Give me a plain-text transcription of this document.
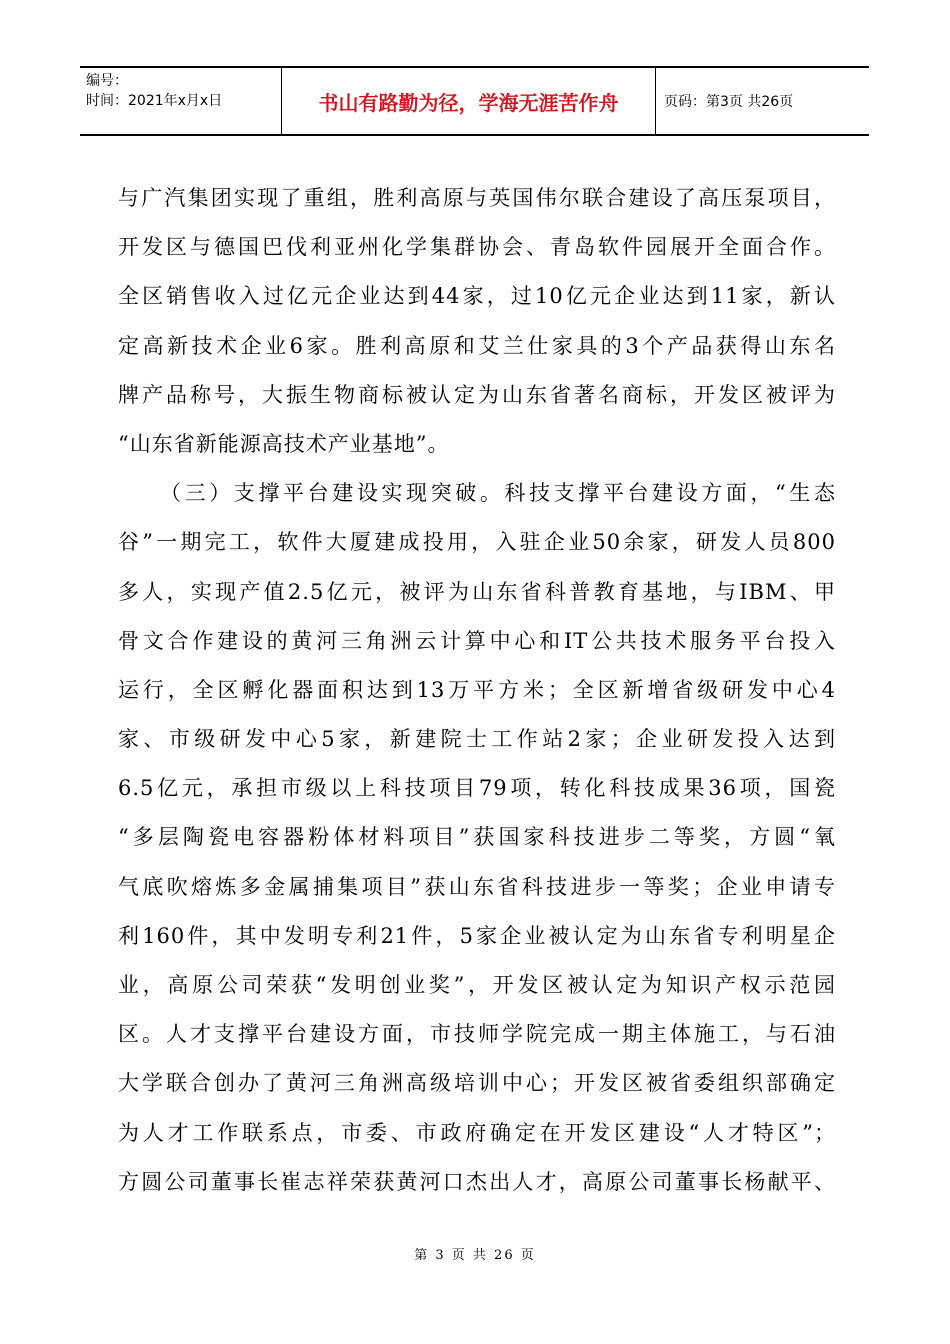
编号：
时间：2021年x月x日	书山有路勤为径，学海无涯苦作舟	页码：第3页 共26页
与广汽集团实现了重组，胜利高原与英国伟尔联合建设了高压泵项目，
开发区与德国巴伐利亚州化学集群协会、青岛软件园展开全面合作。
全区销售收入过亿元企业达到44家，过10亿元企业达到11家，新认
定高新技术企业6家。胜利高原和艾兰仕家具的3个产品获得山东名
牌产品称号，大振生物商标被认定为山东省著名商标，开发区被评为
“山东省新能源高技术产业基地”。
（三）支撑平台建设实现突破。科技支撑平台建设方面，“生态
谷”一期完工，软件大厦建成投用，入驻企业50余家，研发人员800
多人，实现产值2.5亿元，被评为山东省科普教育基地，与IBM、甲
骨文合作建设的黄河三角洲云计算中心和IT公共技术服务平台投入
运行，全区孵化器面积达到13万平方米；全区新增省级研发中心4
家、市级研发中心5家，新建院士工作站2家；企业研发投入达到
6.5亿元，承担市级以上科技项目79项，转化科技成果36项，国瓷
“多层陶瓷电容器粉体材料项目”获国家科技进步二等奖，方圆“氧
气底吹熔炼多金属捕集项目”获山东省科技进步一等奖；企业申请专
利160件，其中发明专利21件，5家企业被认定为山东省专利明星企
业，高原公司荣获“发明创业奖”，开发区被认定为知识产权示范园
区。人才支撑平台建设方面，市技师学院完成一期主体施工，与石油
大学联合创办了黄河三角洲高级培训中心；开发区被省委组织部确定
为人才工作联系点，市委、市政府确定在开发区建设“人才特区”；
方圆公司董事长崔志祥荣获黄河口杰出人才，高原公司董事长杨献平、
第 3 页 共 26 页
